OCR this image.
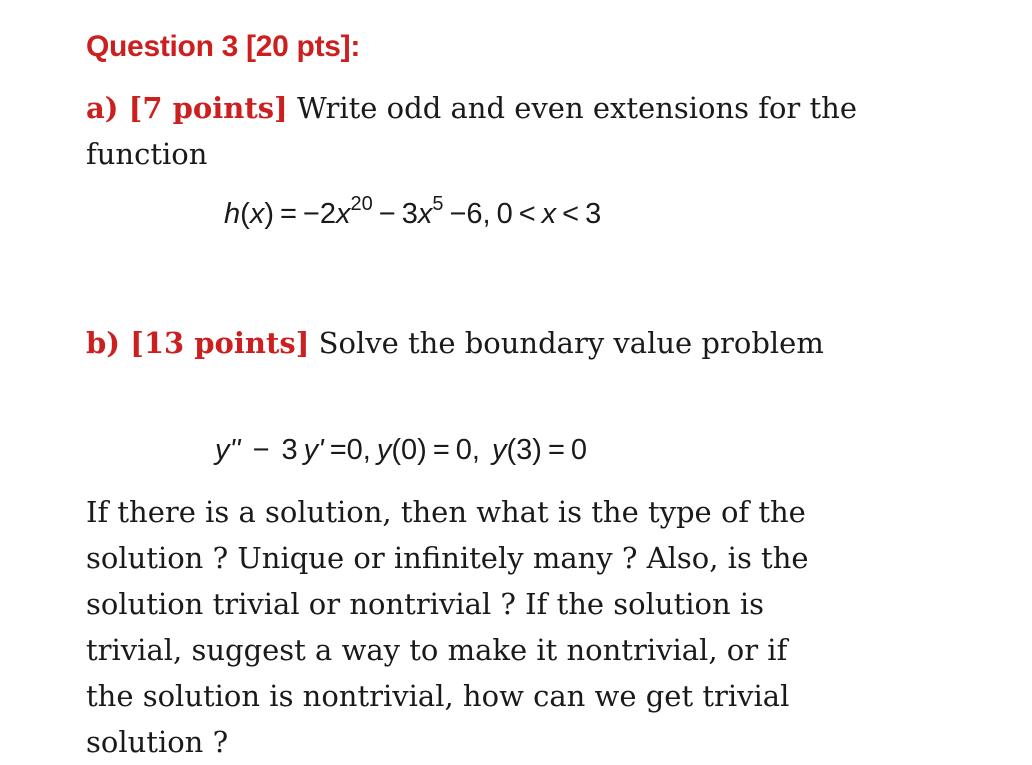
Question 3 [20 pts]:
a) [7 points] Write odd and even extensions for the
function
$h(x) = -2x^{20} - 3x^5 -6$, 0 < x < 3
b) [13 points] Solve the boundary value problem
y'' − 3 y' =0, y(0) = 0, y(3) = 0
If there is a solution, then what is the type of the
solution ? Unique or infinitely many ? Also, is the
solution trivial or nontrivial ? If the solution is
trivial, suggest a way to make it nontrivial, or if
the solution is nontrivial, how can we get trivial
solution ?
